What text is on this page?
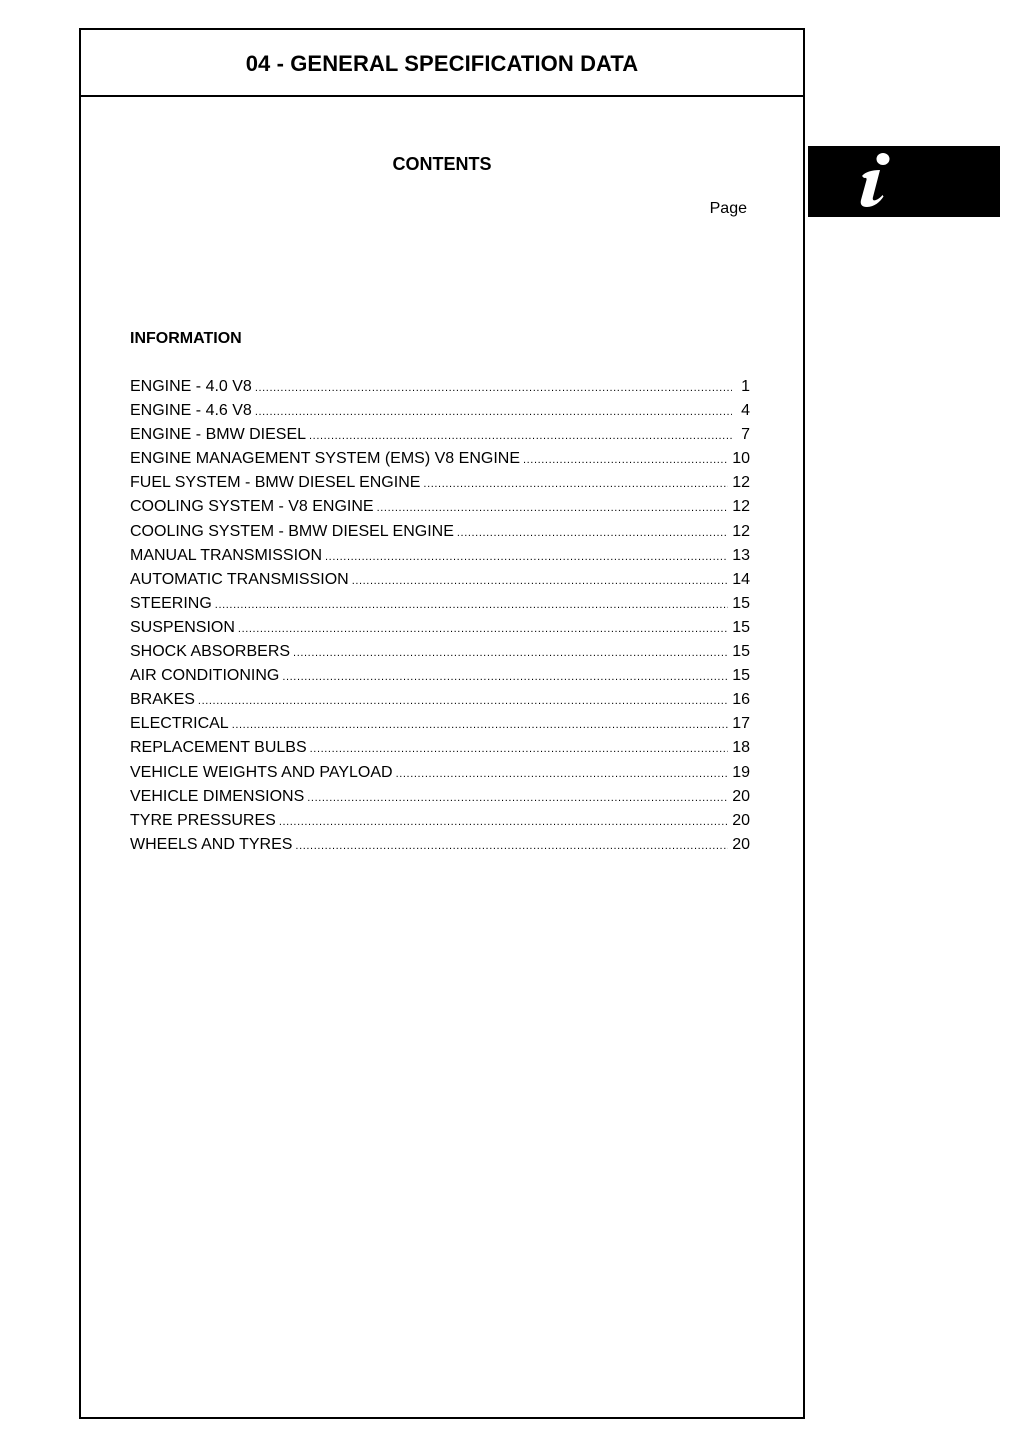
04 - GENERAL SPECIFICATION DATA
CONTENTS
Page
INFORMATION
ENGINE - 4.0 V8 .....	1
ENGINE - 4.6 V8 .....	4
ENGINE - BMW DIESEL .....	7
ENGINE MANAGEMENT SYSTEM (EMS) V8 ENGINE .....	10
FUEL SYSTEM - BMW DIESEL ENGINE .....	12
COOLING SYSTEM - V8 ENGINE .....	12
COOLING SYSTEM - BMW DIESEL ENGINE .....	12
MANUAL TRANSMISSION .....	13
AUTOMATIC TRANSMISSION .....	14
STEERING .....	15
SUSPENSION .....	15
SHOCK ABSORBERS .....	15
AIR CONDITIONING .....	15
BRAKES .....	16
ELECTRICAL .....	17
REPLACEMENT BULBS .....	18
VEHICLE WEIGHTS AND PAYLOAD .....	19
VEHICLE DIMENSIONS .....	20
TYRE PRESSURES .....	20
WHEELS AND TYRES .....	20
